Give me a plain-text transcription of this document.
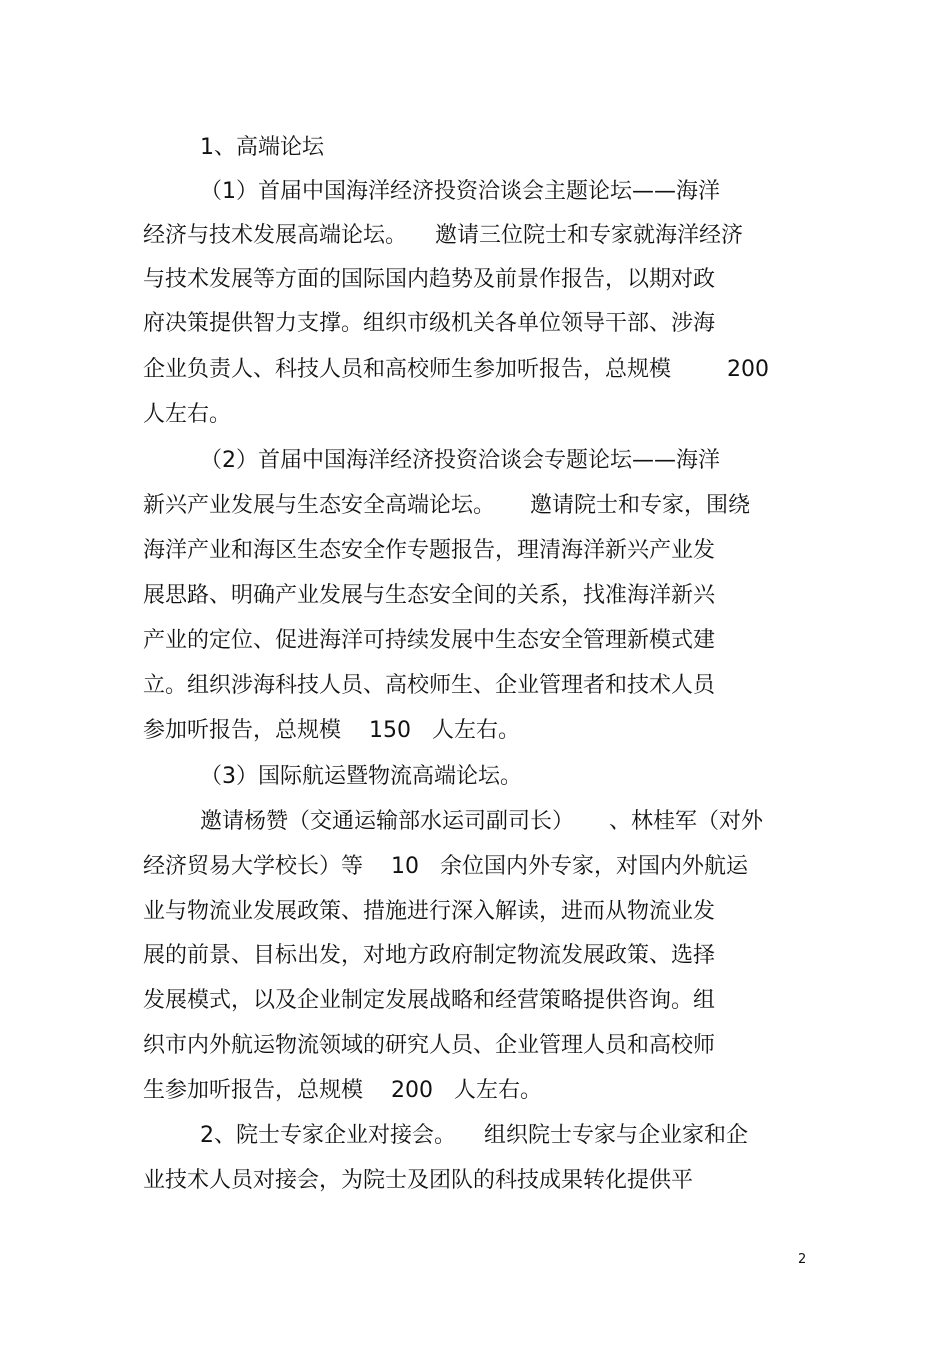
1、高端论坛
（1）首届中国海洋经济投资洽谈会主题论坛——海洋
经济与技术发展高端论坛。    邀请三位院士和专家就海洋经济
与技术发展等方面的国际国内趋势及前景作报告，以期对政
府决策提供智力支撑。组织市级机关各单位领导干部、涉海
企业负责人、科技人员和高校师生参加听报告，总规模        200
人左右。
（2）首届中国海洋经济投资洽谈会专题论坛——海洋
新兴产业发展与生态安全高端论坛。     邀请院士和专家，围绕
海洋产业和海区生态安全作专题报告，理清海洋新兴产业发
展思路、明确产业发展与生态安全间的关系，找准海洋新兴
产业的定位、促进海洋可持续发展中生态安全管理新模式建
立。组织涉海科技人员、高校师生、企业管理者和技术人员
参加听报告，总规模    150   人左右。
（3）国际航运暨物流高端论坛。
邀请杨赞（交通运输部水运司副司长）     、林桂军（对外
经济贸易大学校长）等    10   余位国内外专家，对国内外航运
业与物流业发展政策、措施进行深入解读，进而从物流业发
展的前景、目标出发，对地方政府制定物流发展政策、选择
发展模式，以及企业制定发展战略和经营策略提供咨询。组
织市内外航运物流领域的研究人员、企业管理人员和高校师
生参加听报告，总规模    200   人左右。
2、院士专家企业对接会。    组织院士专家与企业家和企
业技术人员对接会，为院士及团队的科技成果转化提供平
2
